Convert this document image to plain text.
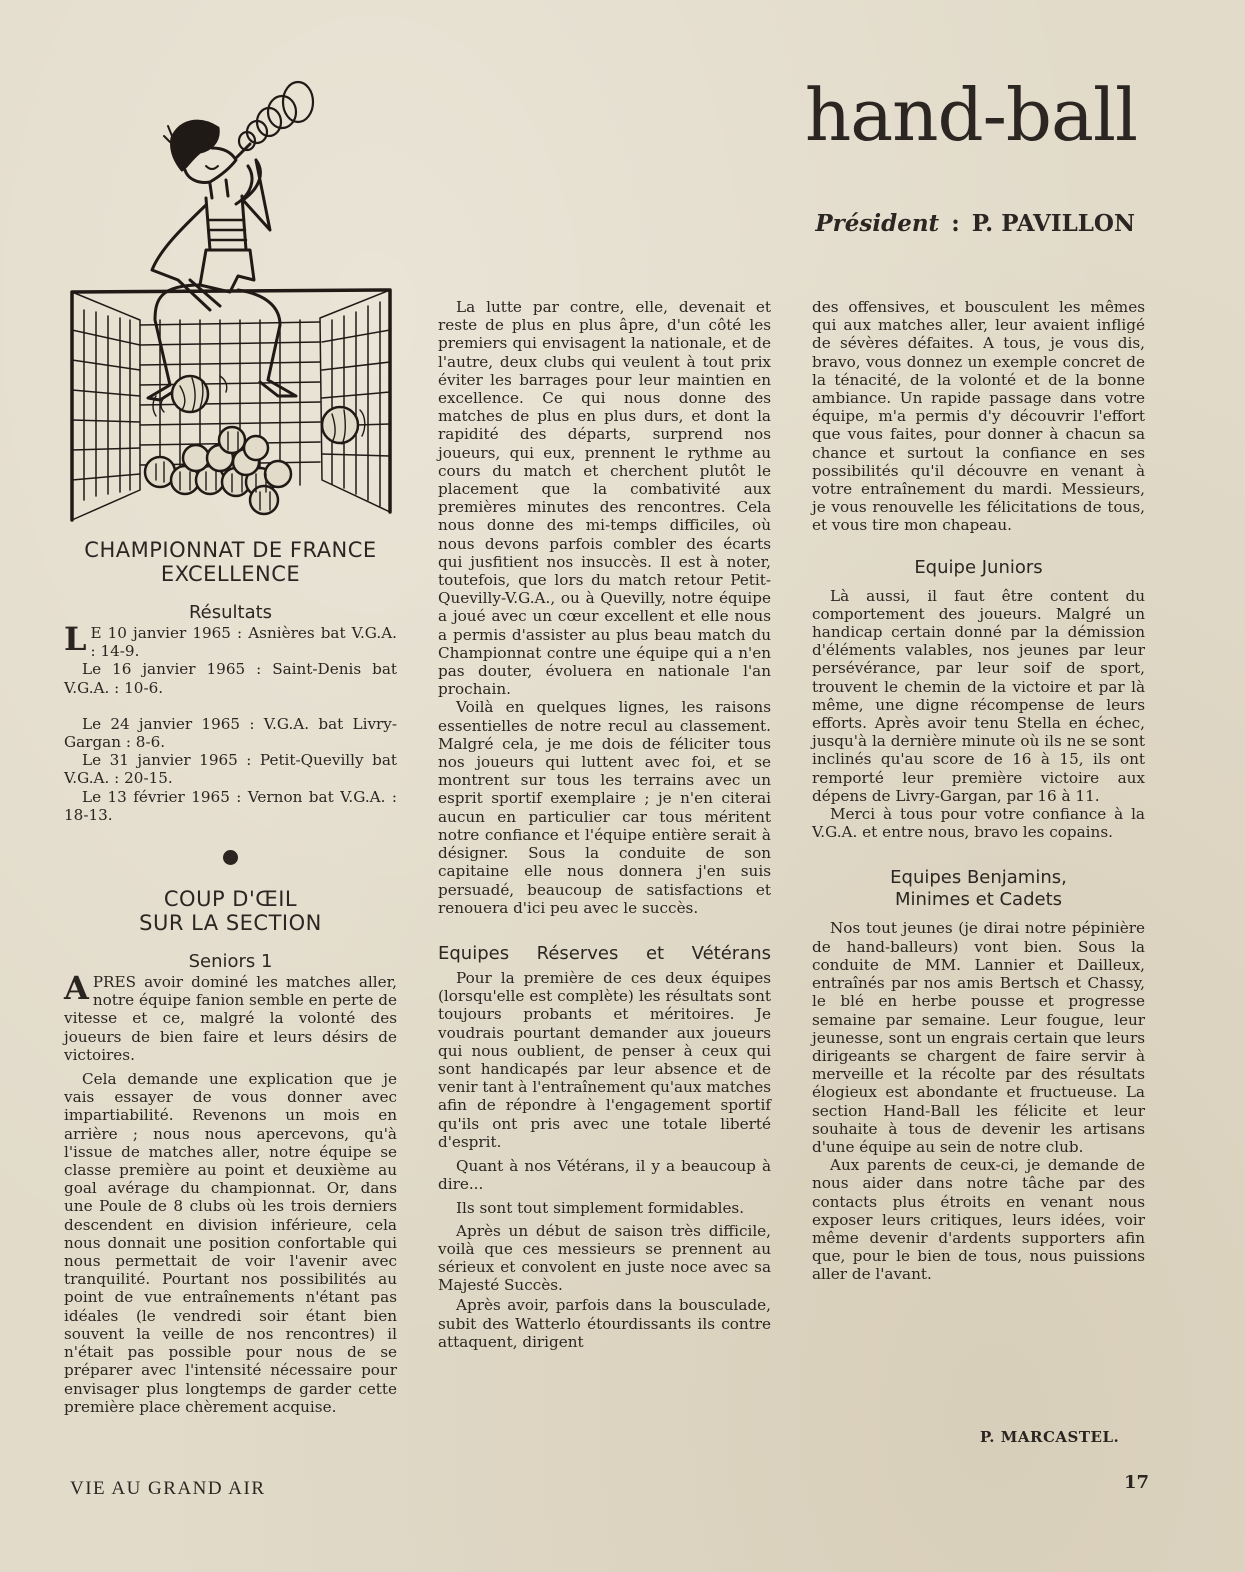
hand-ball
Président : P. PAVILLON
CHAMPIONNAT DE FRANCE
EXCELLENCE
Résultats

L E 10 janvier 1965 : Asnières bat V.G.A. : 14-9.

Le 16 janvier 1965 : Saint-Denis bat V.G.A. : 10-6.

Le 24 janvier 1965 : V.G.A. bat Livry-Gargan : 8-6.

Le 31 janvier 1965 : Petit-Quevilly bat V.G.A. : 20-15.

Le 13 février 1965 : Vernon bat V.G.A. : 18-13.

COUP D'ŒIL
SUR LA SECTION
Seniors 1

APRES avoir dominé les matches aller, notre équipe fanion semble en perte de vitesse et ce, malgré la volonté des joueurs de bien faire et leurs désirs de victoires.

Cela demande une explication que je vais essayer de vous donner avec impartiabilité. Revenons un mois en arrière ; nous nous apercevons, qu'à l'issue de matches aller, notre équipe se classe première au point et deuxième au goal avérage du championnat. Or, dans une Poule de 8 clubs où les trois derniers descendent en division inférieure, cela nous donnait une position confortable qui nous permettait de voir l'avenir avec tranquilité. Pourtant nos possibilités au point de vue entraînements n'étant pas idéales (le vendredi soir étant bien souvent la veille de nos rencontres) il n'était pas possible pour nous de se préparer avec l'intensité nécessaire pour envisager plus longtemps de garder cette première place chèrement acquise.

La lutte par contre, elle, devenait et reste de plus en plus âpre, d'un côté les premiers qui envisagent la nationale, et de l'autre, deux clubs qui veulent à tout prix éviter les barrages pour leur maintien en excellence. Ce qui nous donne des matches de plus en plus durs, et dont la rapidité des départs, surprend nos joueurs, qui eux, prennent le rythme au cours du match et cherchent plutôt le placement que la combativité aux premières minutes des rencontres. Cela nous donne des mi-temps difficiles, où nous devons parfois combler des écarts qui jusfitient nos insuccès. Il est à noter, toutefois, que lors du match retour Petit-Quevilly-V.G.A., ou à Quevilly, notre équipe a joué avec un cœur excellent et elle nous a permis d'assister au plus beau match du Championnat contre une équipe qui a n'en pas douter, évoluera en nationale l'an prochain.

Voilà en quelques lignes, les raisons essentielles de notre recul au classement. Malgré cela, je me dois de féliciter tous nos joueurs qui luttent avec foi, et se montrent sur tous les terrains avec un esprit sportif exemplaire ; je n'en citerai aucun en particulier car tous méritent notre confiance et l'équipe entière serait à désigner. Sous la conduite de son capitaine elle nous donnera j'en suis persuadé, beaucoup de satisfactions et renouera d'ici peu avec le succès.

Equipes Réserves et Vétérans

Pour la première de ces deux équipes (lorsqu'elle est complète) les résultats sont toujours probants et méritoires. Je voudrais pourtant demander aux joueurs qui nous oublient, de penser à ceux qui sont handicapés par leur absence et de venir tant à l'entraînement qu'aux matches afin de répondre à l'engagement sportif qu'ils ont pris avec une totale liberté d'esprit.

Quant à nos Vétérans, il y a beaucoup à dire...

Ils sont tout simplement formidables.

Après un début de saison très difficile, voilà que ces messieurs se prennent au sérieux et convolent en juste noce avec sa Majesté Succès.

Après avoir, parfois dans la bousculade, subit des Watterlo étourdissants ils contre attaquent, dirigent

des offensives, et bousculent les mêmes qui aux matches aller, leur avaient infligé de sévères défaites. A tous, je vous dis, bravo, vous donnez un exemple concret de la ténacité, de la volonté et de la bonne ambiance. Un rapide passage dans votre équipe, m'a permis d'y découvrir l'effort que vous faites, pour donner à chacun sa chance et surtout la confiance en ses possibilités qu'il découvre en venant à votre entraînement du mardi. Messieurs, je vous renouvelle les félicitations de tous, et vous tire mon chapeau.

Equipe Juniors

Là aussi, il faut être content du comportement des joueurs. Malgré un handicap certain donné par la démission d'éléments valables, nos jeunes par leur persévérance, par leur soif de sport, trouvent le chemin de la victoire et par là même, une digne récompense de leurs efforts. Après avoir tenu Stella en échec, jusqu'à la dernière minute où ils ne se sont inclinés qu'au score de 16 à 15, ils ont remporté leur première victoire aux dépens de Livry-Gargan, par 16 à 11.

Merci à tous pour votre confiance à la V.G.A. et entre nous, bravo les copains.

Equipes Benjamins,
Minimes et Cadets

Nos tout jeunes (je dirai notre pépinière de hand-balleurs) vont bien. Sous la conduite de MM. Lannier et Dailleux, entraînés par nos amis Bertsch et Chassy, le blé en herbe pousse et progresse semaine par semaine. Leur fougue, leur jeunesse, sont un engrais certain que leurs dirigeants se chargent de faire servir à merveille et la récolte par des résultats élogieux est abondante et fructueuse. La section Hand-Ball les félicite et leur souhaite à tous de devenir les artisans d'une équipe au sein de notre club.

Aux parents de ceux-ci, je demande de nous aider dans notre tâche par des contacts plus étroits en venant nous exposer leurs critiques, leurs idées, voir même devenir d'ardents supporters afin que, pour le bien de tous, nous puissions aller de l'avant.

P. MARCASTEL.
VIE AU GRAND AIR	17
